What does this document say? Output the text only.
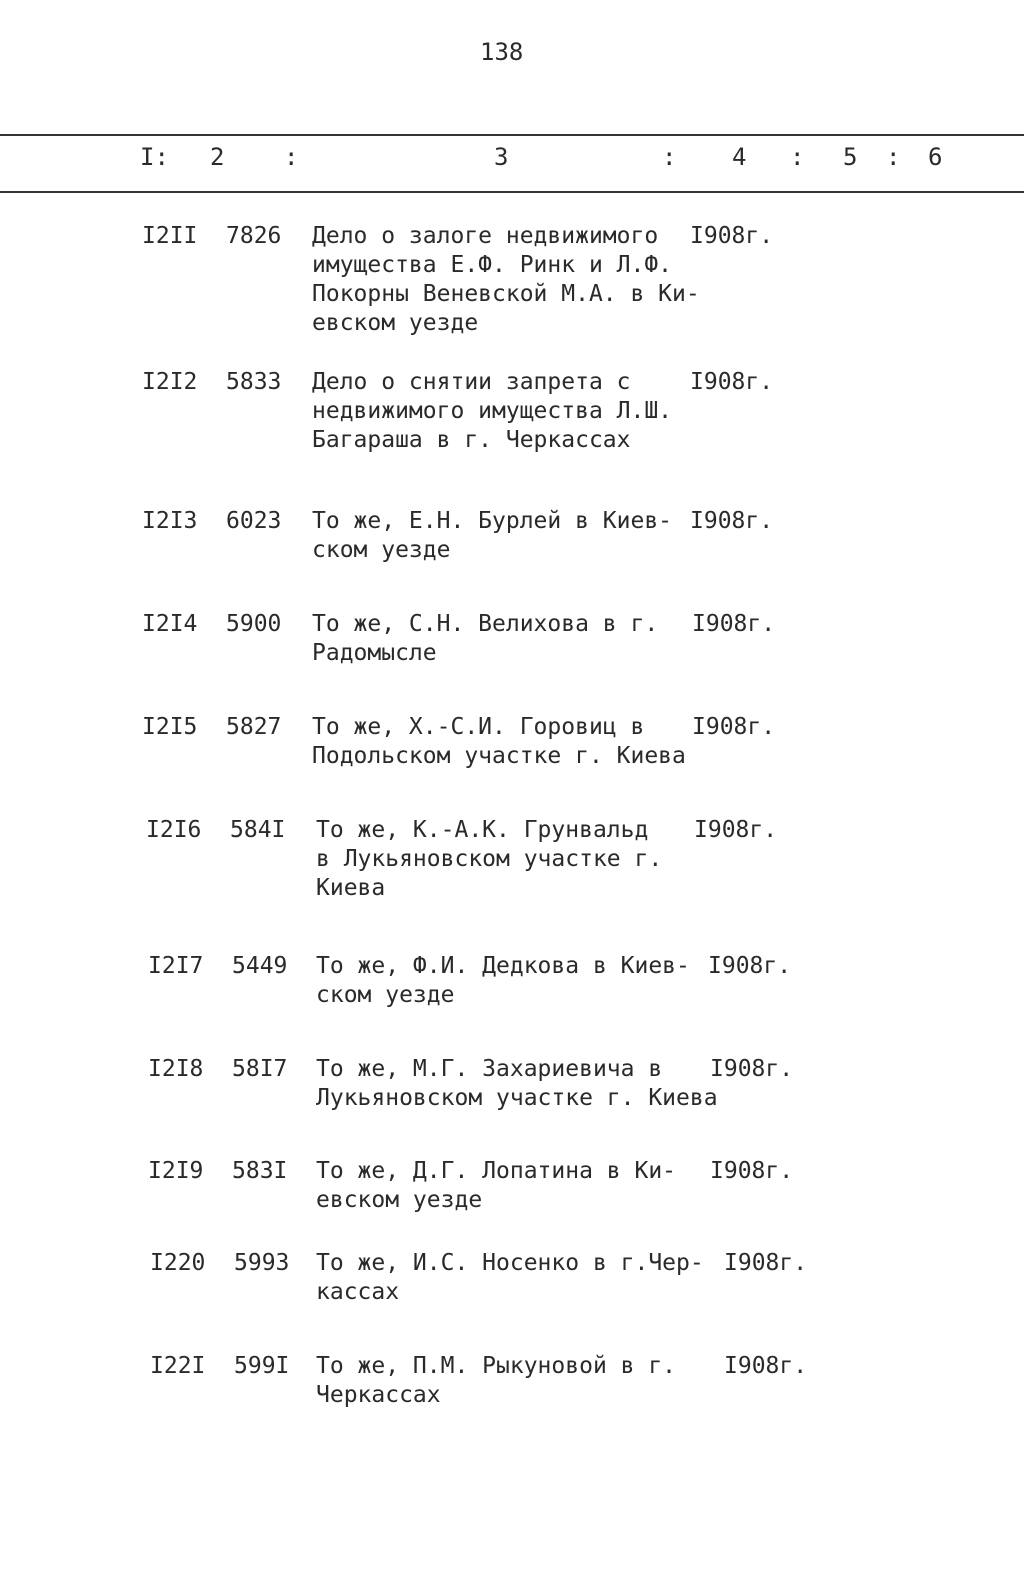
138
I: 2 :	3	: 4 : 5 : 6
I2II 7826 Дело о залоге недвижимого
имущества Е.Ф. Ринк и Л.Ф.
Покорны Веневской М.А. в Ки-
евском уезде
I908г.
I2I2 5833 Дело о снятии запрета с
недвижимого имущества Л.Ш.
Багараша в г. Черкассах
I908г.
I2I3 6023 То же, Е.Н. Бурлей в Киев-
ском уезде
I908г.
I2I4 5900 То же, С.Н. Велихова в г.
Радомысле
I908г.
I2I5 5827 То же, Х.-С.И. Горовиц в
Подольском участке г. Киева
I908г.
I2I6 584I То же, К.-А.К. Грунвальд
в Лукьяновском участке г.
Киева
I908г.
I2I7 5449 То же, Ф.И. Дедкова в Киев-
ском уезде
I908г.
I2I8 58I7 То же, М.Г. Захариевича в
Лукьяновском участке г. Киева
I908г.
I2I9 583I То же, Д.Г. Лопатина в Ки-
евском уезде
I908г.
I220 5993 То же, И.С. Носенко в г.Чер-
кассах
I908г.
I22I 599I То же, П.М. Рыкуновой в г.
Черкассах
I908г.
